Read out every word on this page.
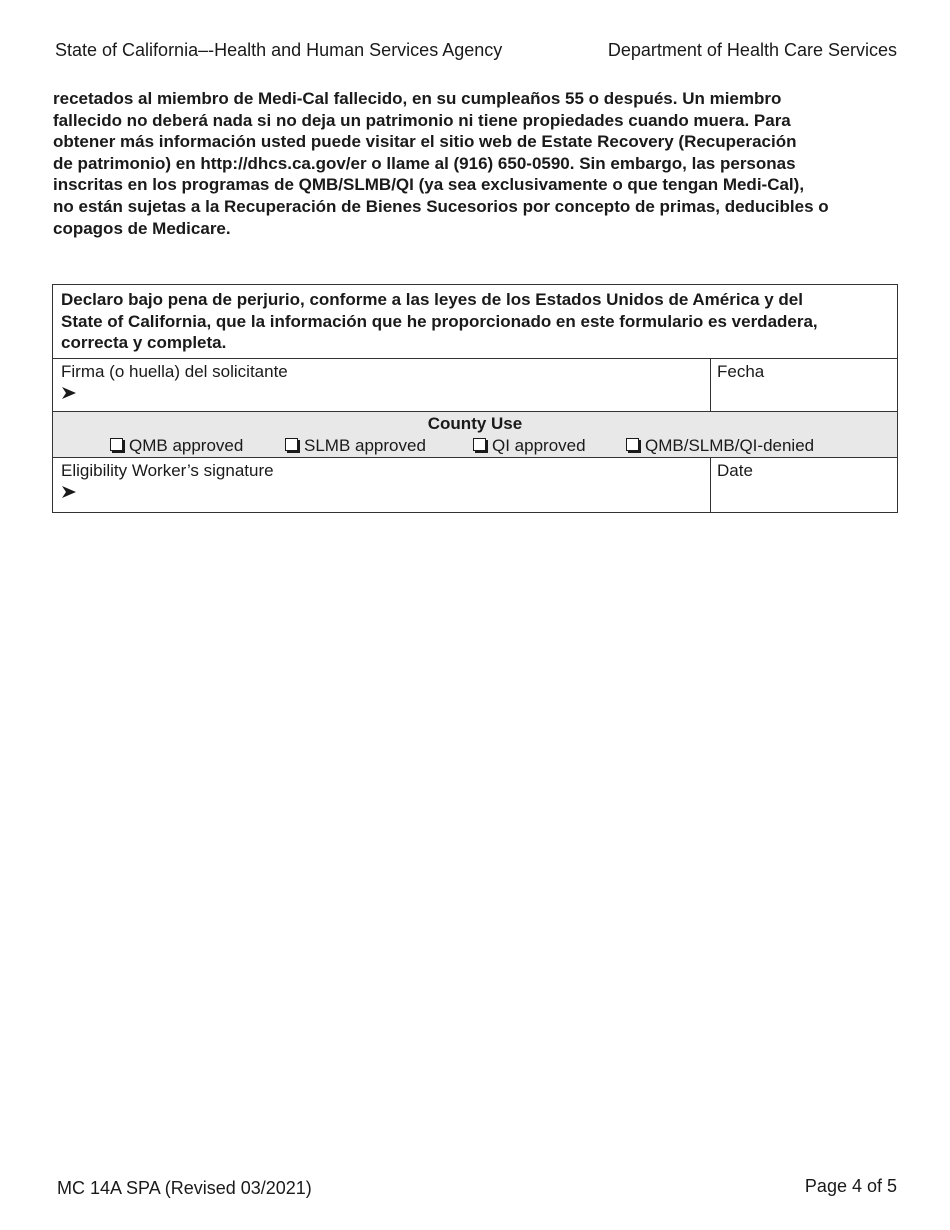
State of California–-Health and Human Services Agency	Department of Health Care Services
recetados al miembro de Medi-Cal fallecido, en su cumpleaños 55 o después. Un miembro
fallecido no deberá nada si no deja un patrimonio ni tiene propiedades cuando muera. Para
obtener más información usted puede visitar el sitio web de Estate Recovery (Recuperación
de patrimonio) en http://dhcs.ca.gov/er o llame al (916) 650-0590. Sin embargo, las personas
inscritas en los programas de QMB/SLMB/QI (ya sea exclusivamente o que tengan Medi-Cal),
no están sujetas a la Recuperación de Bienes Sucesorios por concepto de primas, deducibles o
copagos de Medicare.
Declaro bajo pena de perjurio, conforme a las leyes de los Estados Unidos de América y del
State of California, que la información que he proporcionado en este formulario es verdadera,
correcta y completa.
Firma (o huella) del solicitante	Fecha
County Use
QMB approved	SLMB approved	QI approved	QMB/SLMB/QI-denied
Eligibility Worker’s signature	Date
MC 14A SPA (Revised 03/2021)	Page 4 of 5
